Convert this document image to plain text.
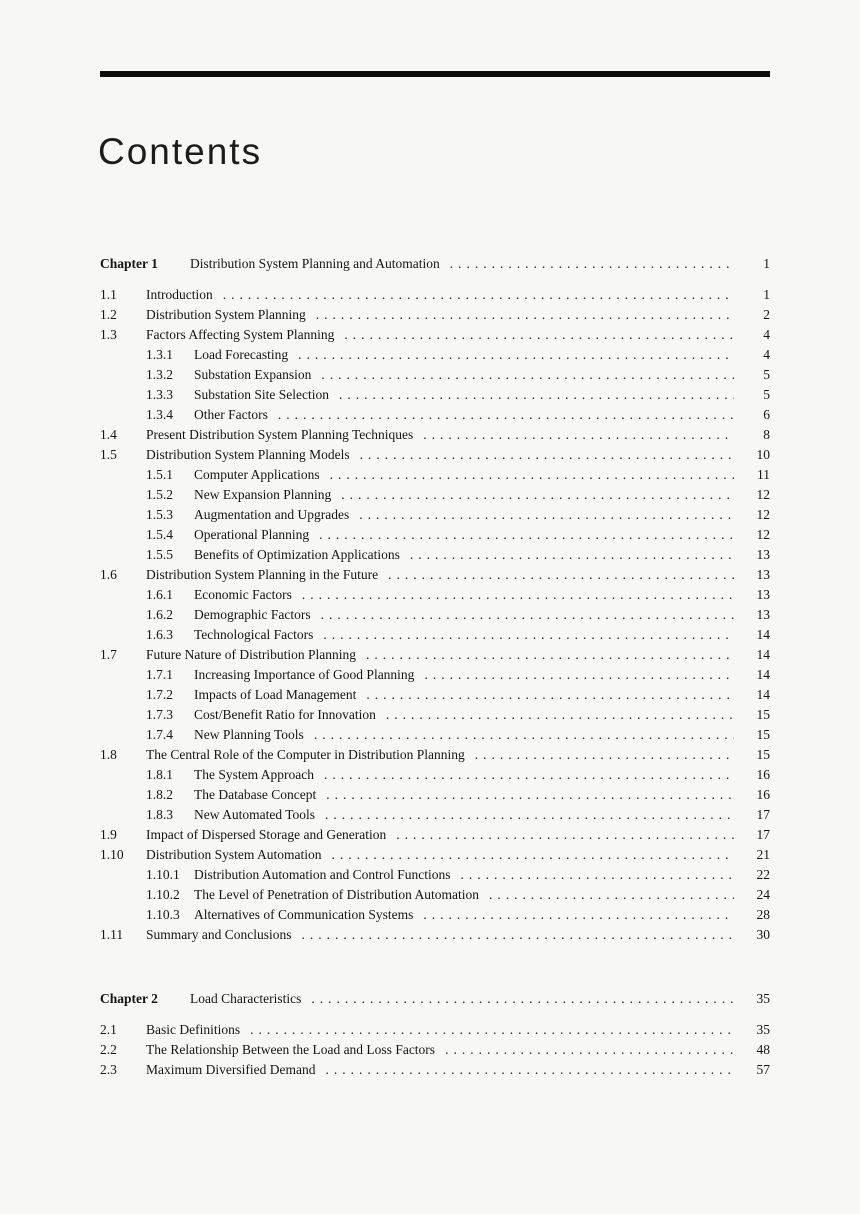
Contents
Chapter 1	Distribution System Planning and Automation .....	1
1.1	Introduction .....	1
1.2	Distribution System Planning .....	2
1.3	Factors Affecting System Planning .....	4
1.3.1	Load Forecasting .....	4
1.3.2	Substation Expansion .....	5
1.3.3	Substation Site Selection .....	5
1.3.4	Other Factors .....	6
1.4	Present Distribution System Planning Techniques .....	8
1.5	Distribution System Planning Models .....	10
1.5.1	Computer Applications .....	11
1.5.2	New Expansion Planning .....	12
1.5.3	Augmentation and Upgrades .....	12
1.5.4	Operational Planning .....	12
1.5.5	Benefits of Optimization Applications .....	13
1.6	Distribution System Planning in the Future .....	13
1.6.1	Economic Factors .....	13
1.6.2	Demographic Factors .....	13
1.6.3	Technological Factors .....	14
1.7	Future Nature of Distribution Planning .....	14
1.7.1	Increasing Importance of Good Planning .....	14
1.7.2	Impacts of Load Management .....	14
1.7.3	Cost/Benefit Ratio for Innovation .....	15
1.7.4	New Planning Tools .....	15
1.8	The Central Role of the Computer in Distribution Planning .....	15
1.8.1	The System Approach .....	16
1.8.2	The Database Concept .....	16
1.8.3	New Automated Tools .....	17
1.9	Impact of Dispersed Storage and Generation .....	17
1.10	Distribution System Automation .....	21
1.10.1	Distribution Automation and Control Functions .....	22
1.10.2	The Level of Penetration of Distribution Automation .....	24
1.10.3	Alternatives of Communication Systems .....	28
1.11	Summary and Conclusions .....	30
Chapter 2	Load Characteristics .....	35
2.1	Basic Definitions .....	35
2.2	The Relationship Between the Load and Loss Factors .....	48
2.3	Maximum Diversified Demand .....	57
